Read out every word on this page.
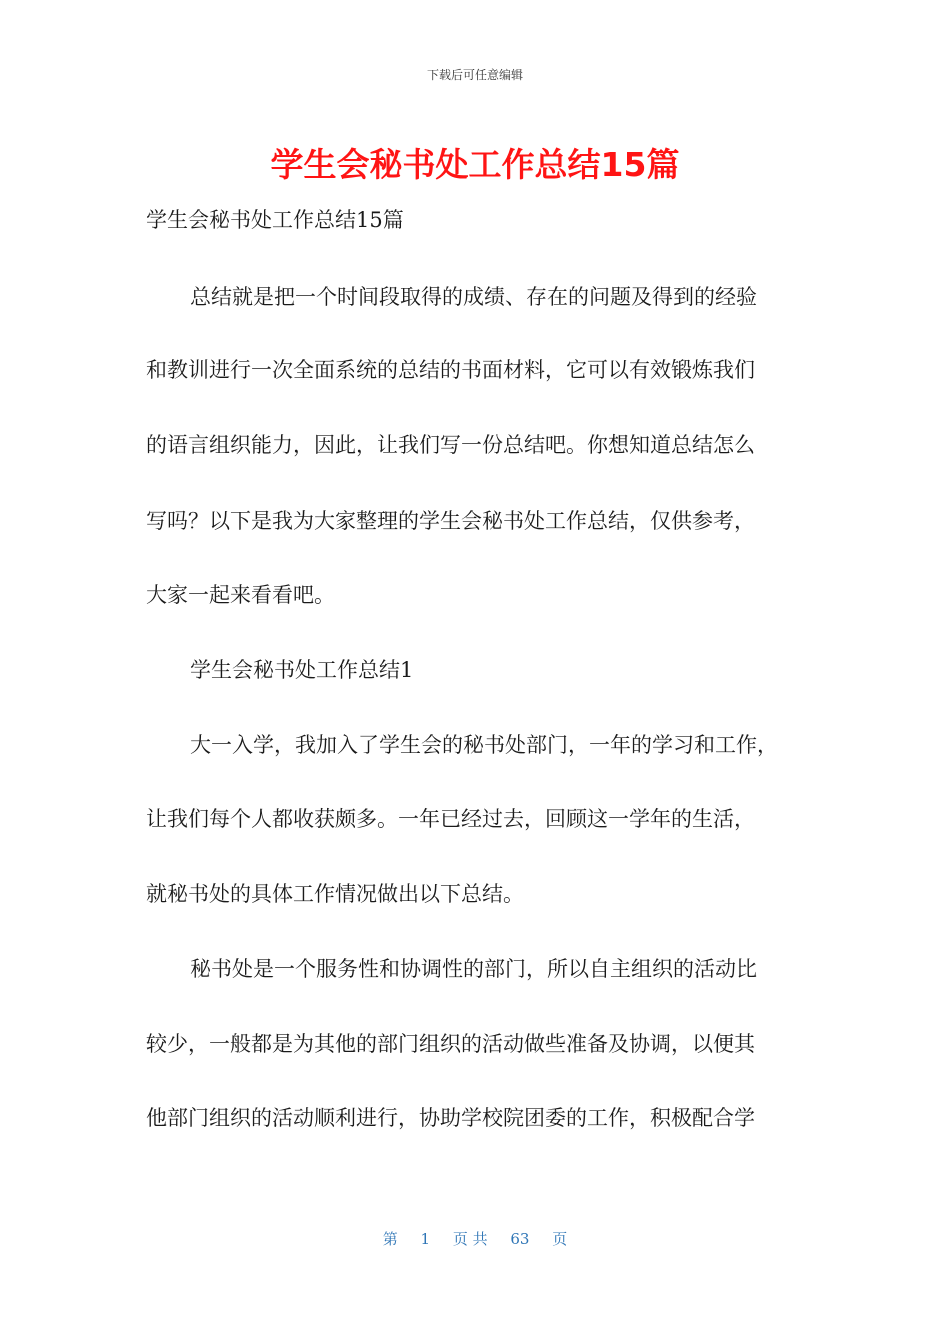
下载后可任意编辑
学生会秘书处工作总结15篇
学生会秘书处工作总结15篇
总结就是把一个时间段取得的成绩、存在的问题及得到的经验
和教训进行一次全面系统的总结的书面材料，它可以有效锻炼我们
的语言组织能力，因此，让我们写一份总结吧。你想知道总结怎么
写吗？以下是我为大家整理的学生会秘书处工作总结，仅供参考，
大家一起来看看吧。
学生会秘书处工作总结1
大一入学，我加入了学生会的秘书处部门，一年的学习和工作，
让我们每个人都收获颇多。一年已经过去，回顾这一学年的生活，
就秘书处的具体工作情况做出以下总结。
秘书处是一个服务性和协调性的部门，所以自主组织的活动比
较少，一般都是为其他的部门组织的活动做些准备及协调，以便其
他部门组织的活动顺利进行，协助学校院团委的工作，积极配合学
第 1 页 共 63 页
